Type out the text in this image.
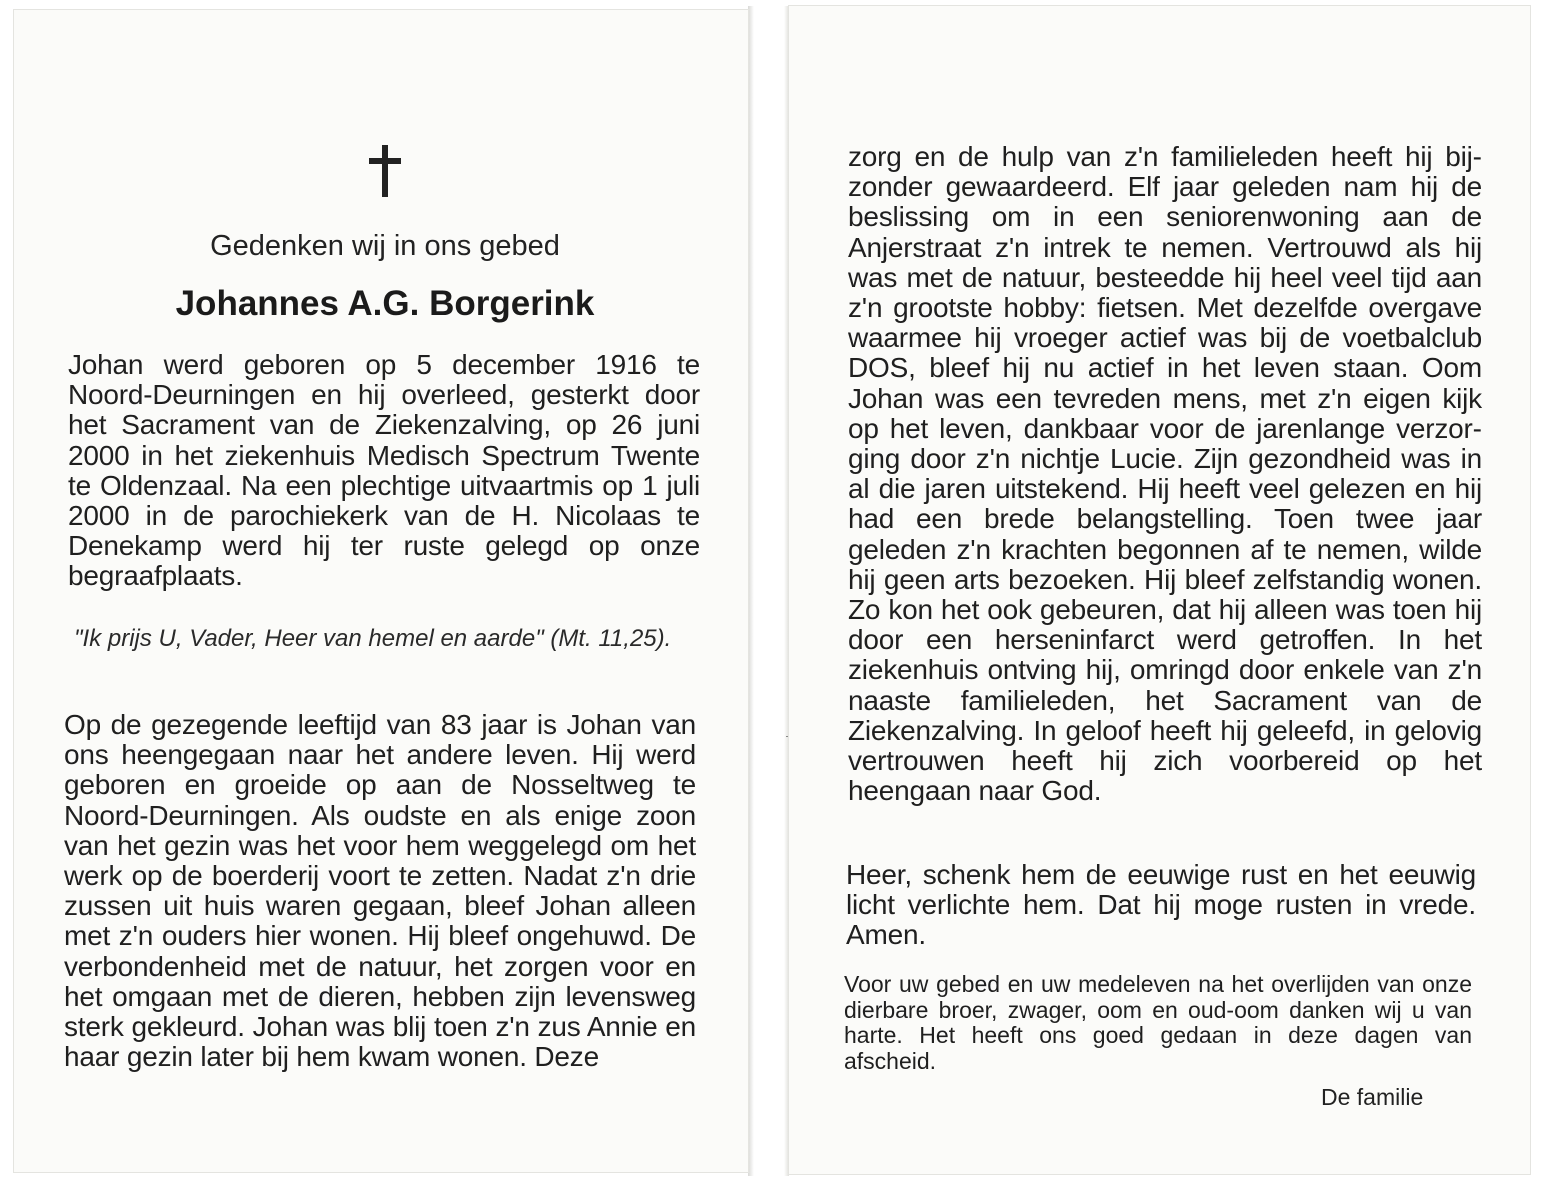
Gedenken wij in ons gebed
Johannes A.G. Borgerink

Johan werd geboren op 5 december 1916 te Noord-Deurningen en hij overleed, gesterkt door het Sacrament van de Ziekenzalving, op 26 juni 2000 in het ziekenhuis Medisch Spectrum Twente te Oldenzaal. Na een plechtige uitvaartmis op 1 juli 2000 in de parochiekerk van de H. Nicolaas te Denekamp werd hij ter ruste gelegd op onze begraafplaats.

"Ik prijs U, Vader, Heer van hemel en aarde" (Mt. 11,25).

Op de gezegende leeftijd van 83 jaar is Johan van ons heengegaan naar het andere leven. Hij werd geboren en groeide op aan de Nosseltweg te Noord-Deurningen. Als oudste en als enige zoon van het gezin was het voor hem weggelegd om het werk op de boerderij voort te zetten. Nadat z'n drie zussen uit huis waren gegaan, bleef Johan alleen met z'n ouders hier wonen. Hij bleef ongehuwd. De verbondenheid met de natuur, het zorgen voor en het omgaan met de dieren, hebben zijn levensweg sterk gekleurd. Johan was blij toen z'n zus Annie en haar gezin later bij hem kwam wonen. Deze

zorg en de hulp van z'n familieleden heeft hij bijzonder gewaardeerd. Elf jaar geleden nam hij de beslissing om in een seniorenwoning aan de Anjerstraat z'n intrek te nemen. Vertrouwd als hij was met de natuur, besteedde hij heel veel tijd aan z'n grootste hobby: fietsen. Met dezelfde overgave waarmee hij vroeger actief was bij de voetbalclub DOS, bleef hij nu actief in het leven staan. Oom Johan was een tevreden mens, met z'n eigen kijk op het leven, dankbaar voor de jarenlange verzorging door z'n nichtje Lucie. Zijn gezondheid was in al die jaren uitstekend. Hij heeft veel gelezen en hij had een brede belangstelling. Toen twee jaar geleden z'n krachten begonnen af te nemen, wilde hij geen arts bezoeken. Hij bleef zelfstandig wonen. Zo kon het ook gebeuren, dat hij alleen was toen hij door een herseninfarct werd getroffen. In het ziekenhuis ontving hij, omringd door enkele van z'n naaste familieleden, het Sacrament van de Ziekenzalving. In geloof heeft hij geleefd, in gelovig vertrouwen heeft hij zich voorbereid op het heengaan naar God.

Heer, schenk hem de eeuwige rust en het eeuwig licht verlichte hem. Dat hij moge rusten in vrede. Amen.

Voor uw gebed en uw medeleven na het overlijden van onze dierbare broer, zwager, oom en oud-oom danken wij u van harte. Het heeft ons goed gedaan in deze dagen van afscheid.

De familie
